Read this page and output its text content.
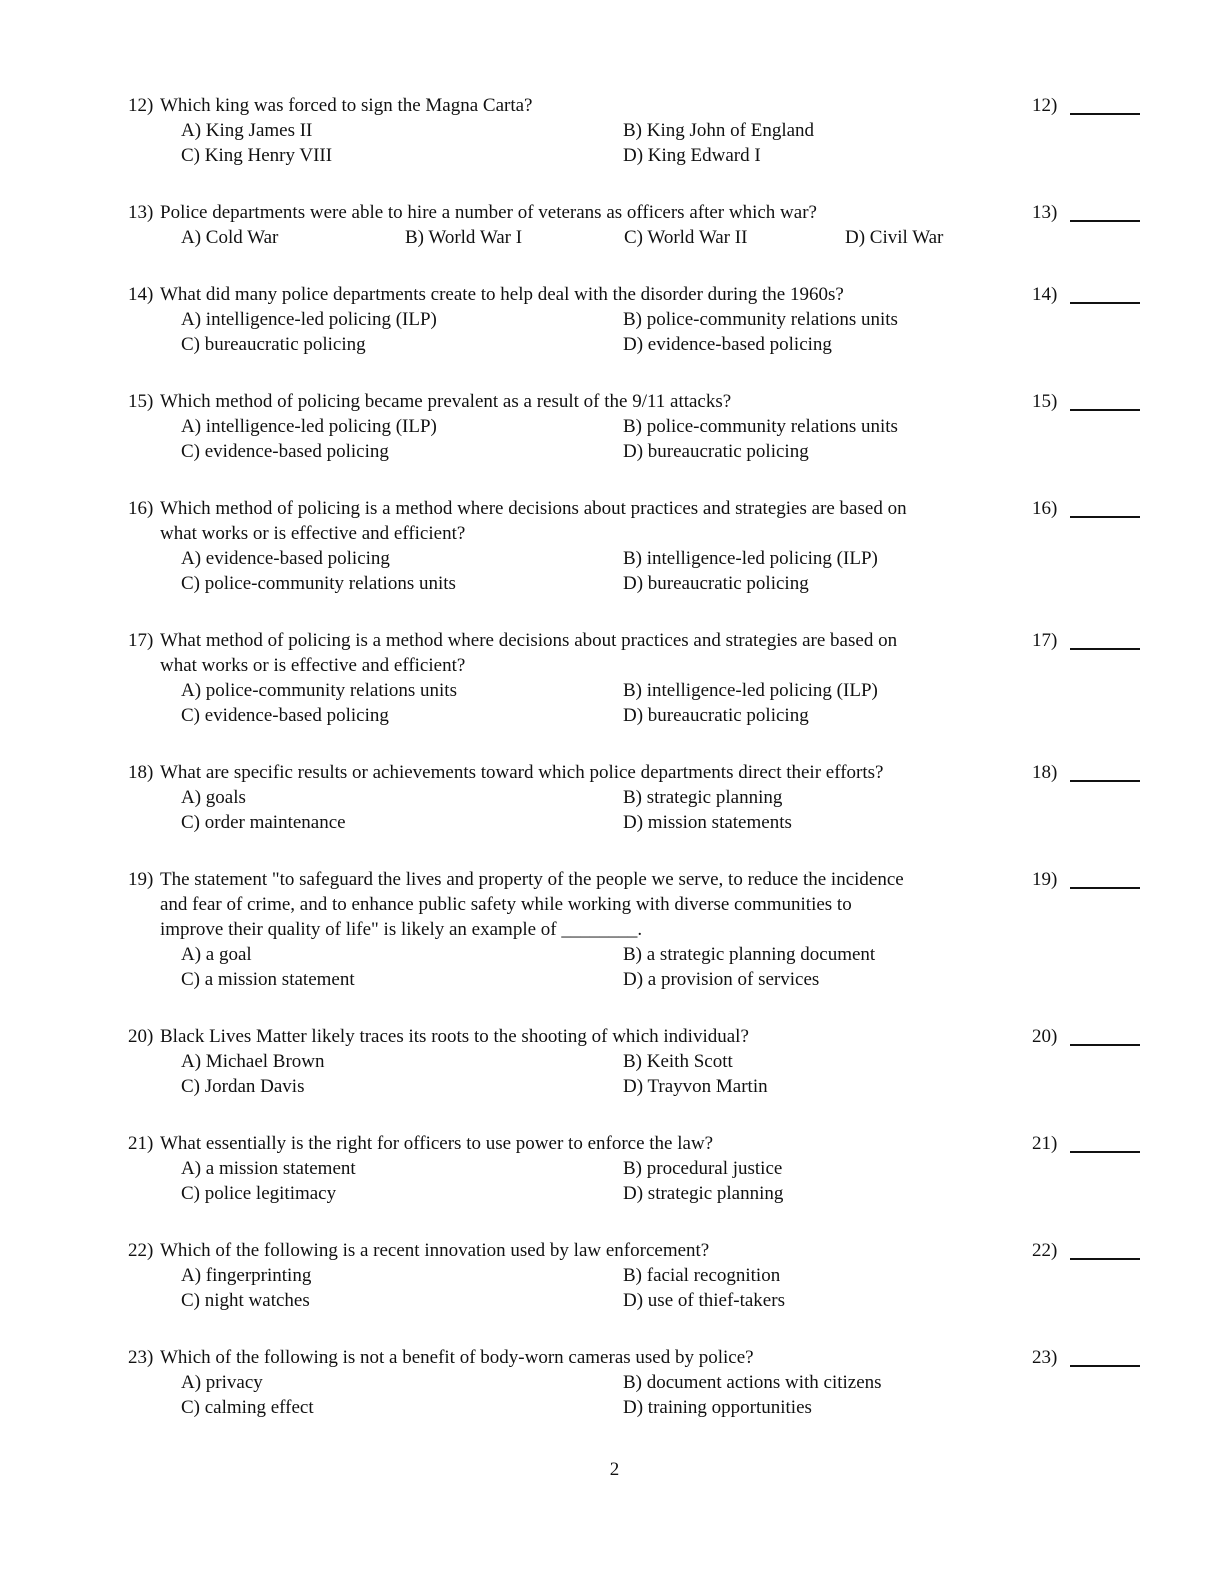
12) Which king was forced to sign the Magna Carta?	12)
A) King James II	B) King John of England
C) King Henry VIII	D) King Edward I
13) Police departments were able to hire a number of veterans as officers after which war?	13)
A) Cold War	B) World War I	C) World War II	D) Civil War
14) What did many police departments create to help deal with the disorder during the 1960s?	14)
A) intelligence-led policing (ILP)	B) police-community relations units
C) bureaucratic policing	D) evidence-based policing
15) Which method of policing became prevalent as a result of the 9/11 attacks?	15)
A) intelligence-led policing (ILP)	B) police-community relations units
C) evidence-based policing	D) bureaucratic policing
16) Which method of policing is a method where decisions about practices and strategies are based on
what works or is effective and efficient?
16)
A) evidence-based policing	B) intelligence-led policing (ILP)
C) police-community relations units	D) bureaucratic policing
17) What method of policing is a method where decisions about practices and strategies are based on
what works or is effective and efficient?
17)
A) police-community relations units	B) intelligence-led policing (ILP)
C) evidence-based policing	D) bureaucratic policing
18) What are specific results or achievements toward which police departments direct their efforts?	18)
A) goals	B) strategic planning
C) order maintenance	D) mission statements
19) The statement "to safeguard the lives and property of the people we serve, to reduce the incidence
and fear of crime, and to enhance public safety while working with diverse communities to
improve their quality of life" is likely an example of ________.
19)
A) a goal	B) a strategic planning document
C) a mission statement	D) a provision of services
20) Black Lives Matter likely traces its roots to the shooting of which individual?	20)
A) Michael Brown	B) Keith Scott
C) Jordan Davis	D) Trayvon Martin
21) What essentially is the right for officers to use power to enforce the law?	21)
A) a mission statement	B) procedural justice
C) police legitimacy	D) strategic planning
22) Which of the following is a recent innovation used by law enforcement?	22)
A) fingerprinting	B) facial recognition
C) night watches	D) use of thief-takers
23) Which of the following is not a benefit of body-worn cameras used by police?	23)
A) privacy	B) document actions with citizens
C) calming effect	D) training opportunities
2
